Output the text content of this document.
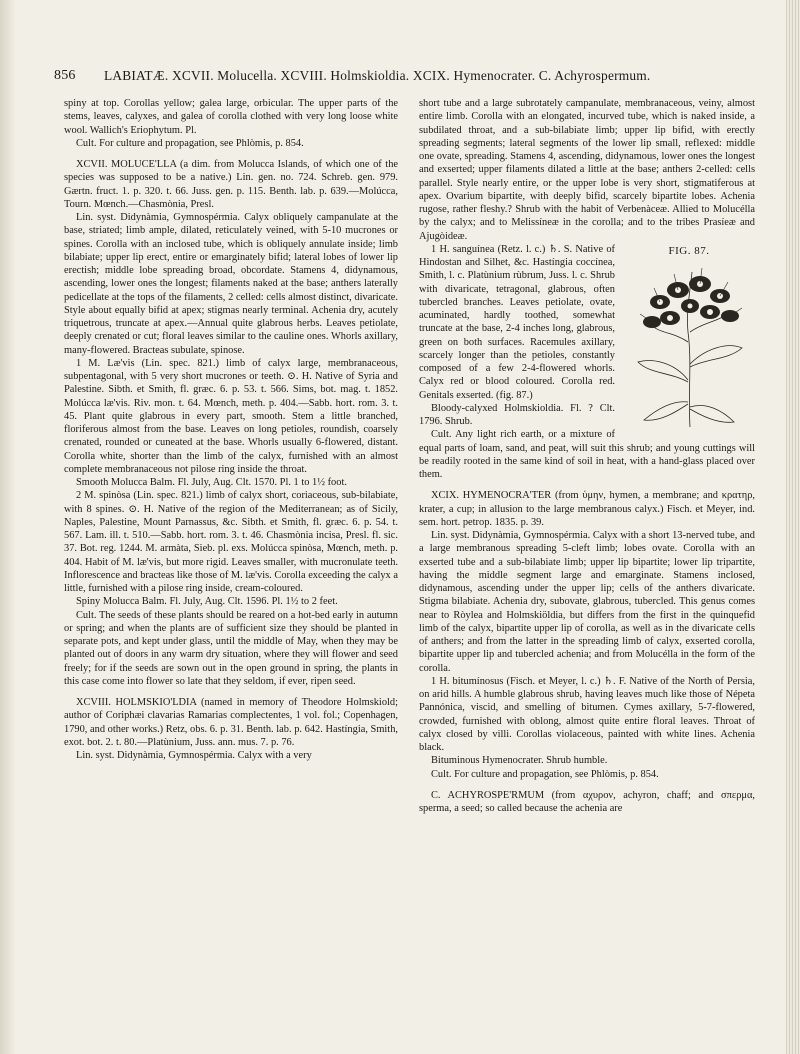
856 LABIATÆ. XCVII. Molucella. XCVIII. Holmskioldia. XCIX. Hymenocrater. C. Achyrospermum.

spiny at top. Corollas yellow; galea large, orbicular. The upper parts of the stems, leaves, calyxes, and galea of corolla clothed with very long loose white wool. Wallich's Eriophytum. Pl.

Cult. For culture and propagation, see Phlòmis, p. 854.

XCVII. MOLUCE'LLA (a dim. from Molucca Islands, of which one of the species was supposed to be a native.) Lin. gen. no. 724. Schreb. gen. 979. Gærtn. fruct. 1. p. 320. t. 66. Juss. gen. p. 115. Benth. lab. p. 639.—Molúcca, Tourn. Mœnch.—Chasmònia, Presl.

Lin. syst. Didynàmia, Gymnospérmia. Calyx obliquely campanulate at the base, striated; limb ample, dilated, reticulately veined, with 5-10 mucrones or spines. Corolla with an inclosed tube, which is obliquely annulate inside; limb bilabiate; upper lip erect, entire or emarginately bifid; lateral lobes of lower lip erectish; middle lobe spreading broad, obcordate. Stamens 4, didynamous, ascending, lower ones the longest; filaments naked at the base; anthers laterally pedicellate at the tops of the filaments, 2 celled: cells almost distinct, divaricate. Style about equally bifid at apex; stigmas nearly terminal. Achenia dry, acutely triquetrous, truncate at apex.—Annual quite glabrous herbs. Leaves petiolate, deeply crenated or cut; floral leaves similar to the cauline ones. Whorls axillary, many-flowered. Bracteas subulate, spinose.

1 M. Læ'vis (Lin. spec. 821.) limb of calyx large, membranaceous, subpentagonal, with 5 very short mucrones or teeth. ⊙. H. Native of Syria and Palestine. Sibth. et Smith, fl. græc. 6. p. 53. t. 566. Sims, bot. mag. t. 1852. Molúcca læ'vis. Riv. mon. t. 64. Mœnch, meth. p. 404.—Sabb. hort. rom. 3. t. 45. Plant quite glabrous in every part, smooth. Stem a little branched, floriferous almost from the base. Leaves on long petioles, roundish, coarsely crenated, rounded or cuneated at the base. Whorls usually 6-flowered, distant. Corolla white, shorter than the limb of the calyx, furnished with an almost complete membranaceous not pilose ring inside the throat.

Smooth Molucca Balm. Fl. July, Aug. Clt. 1570. Pl. 1 to 1½ foot.

2 M. spinòsa (Lin. spec. 821.) limb of calyx short, coriaceous, sub-bilabiate, with 8 spines. ⊙. H. Native of the region of the Mediterranean; as of Sicily, Naples, Palestine, Mount Parnassus, &c. Sibth. et Smith, fl. græc. 6. p. 54. t. 567. Lam. ill. t. 510.—Sabb. hort. rom. 3. t. 46. Chasmònia incisa, Presl. fl. sic. 37. Bot. reg. 1244. M. armàta, Sieb. pl. exs. Molúcca spinòsa, Mœnch, meth. p. 404. Habit of M. læ'vis, but more rigid. Leaves smaller, with mucronulate teeth. Inflorescence and bracteas like those of M. læ'vis. Corolla exceeding the calyx a little, furnished with a pilose ring inside, cream-coloured.

Spiny Molucca Balm. Fl. July, Aug. Clt. 1596. Pl. 1½ to 2 feet.

Cult. The seeds of these plants should be reared on a hot-bed early in autumn or spring; and when the plants are of sufficient size they should be planted in separate pots, and kept under glass, until the middle of May, when they may be planted out of doors in any warm dry situation, where they will flower and seed freely; for if the seeds are sown out in the open ground in spring, the plants in this case come into flower so late that they seldom, if ever, ripen seed.

XCVIII. HOLMSKIO'LDIA (named in memory of Theodore Holmskiold; author of Coriphæi clavarias Ramarias complectentes, 1 vol. fol.; Copenhagen, 1790, and other works.) Retz, obs. 6. p. 31. Benth. lab. p. 642. Hastíngia, Smith, exot. bot. 2. t. 80.—Platùnium, Juss. ann. mus. 7. p. 76.

Lin. syst. Didynàmia, Gymnospérmia. Calyx with a very

short tube and a large subrotately campanulate, membranaceous, veiny, almost entire limb. Corolla with an elongated, incurved tube, which is naked inside, a subdilated throat, and a sub-bilabiate limb; upper lip bifid, with erectly spreading segments; lateral segments of the lower lip small, reflexed: middle one ovate, spreading. Stamens 4, ascending, didynamous, lower ones the longest and exserted; upper filaments dilated a little at the base; anthers 2-celled: cells parallel. Style nearly entire, or the upper lobe is very short, stigmatiferous at apex. Ovarium bipartite, with deeply bifid, scarcely bipartite lobes. Achenia rugose, rather fleshy.? Shrub with the habit of Verbenàceæ. Allied to Molucélla by the calyx; and to Melissíneæ in the corolla; and to the tribes Prasíeæ and Ajugòideæ.

FIG. 87.

1 H. sanguínea (Retz. l. c.) ♄. S. Native of Hindostan and Silhet, &c. Hastíngia coccínea, Smith, l. c. Platùnium rùbrum, Juss. l. c. Shrub with divaricate, tetragonal, glabrous, often tubercled branches. Leaves petiolate, ovate, acuminated, hardly toothed, somewhat truncate at the base, 2-4 inches long, glabrous, green on both surfaces. Racemules axillary, scarcely longer than the petioles, constantly composed of a few 2-4-flowered whorls. Calyx red or blood coloured. Corolla red. Genitals exserted. (fig. 87.)

Bloody-calyxed Holmskioldia. Fl. ? Clt. 1796. Shrub.

Cult. Any light rich earth, or a mixture of equal parts of loam, sand, and peat, will suit this shrub; and young cuttings will be readily rooted in the same kind of soil in heat, with a hand-glass placed over them.

XCIX. HYMENOCRA'TER (from ὑμην, hymen, a membrane; and κρατηρ, krater, a cup; in allusion to the large membranous calyx.) Fisch. et Meyer, ind. sem. hort. petrop. 1835. p. 39.

Lin. syst. Didynàmia, Gymnospérmia. Calyx with a short 13-nerved tube, and a large membranous spreading 5-cleft limb; lobes ovate. Corolla with an exserted tube and a sub-bilabiate limb; upper lip bipartite; lower lip tripartite, having the middle segment large and emarginate. Stamens inclosed, didynamous, ascending under the upper lip; cells of the anthers divaricate. Stigma bilabiate. Achenia dry, subovate, glabrous, tubercled. This genus comes near to Ròylea and Holmskiöldia, but differs from the first in the quinquefid limb of the calyx, bipartite upper lip of corolla, as well as in the divaricate cells of anthers; and from the latter in the spreading limb of calyx, exserted corolla, bipartite upper lip and tubercled achenia; and from Molucélla in the form of the corolla.

1 H. bitumínosus (Fisch. et Meyer, l. c.) ♄. F. Native of the North of Persia, on arid hills. A humble glabrous shrub, having leaves much like those of Népeta Pannónica, viscid, and smelling of bitumen. Cymes axillary, 5-7-flowered, crowded, furnished with oblong, almost quite entire floral leaves. Throat of calyx closed by villi. Corollas violaceous, painted with white lines. Achenia black.

Bituminous Hymenocrater. Shrub humble.

Cult. For culture and propagation, see Phlòmis, p. 854.

C. ACHYROSPE'RMUM (from αχυρον, achyron, chaff; and σπερμα, sperma, a seed; so called because the achenia are
